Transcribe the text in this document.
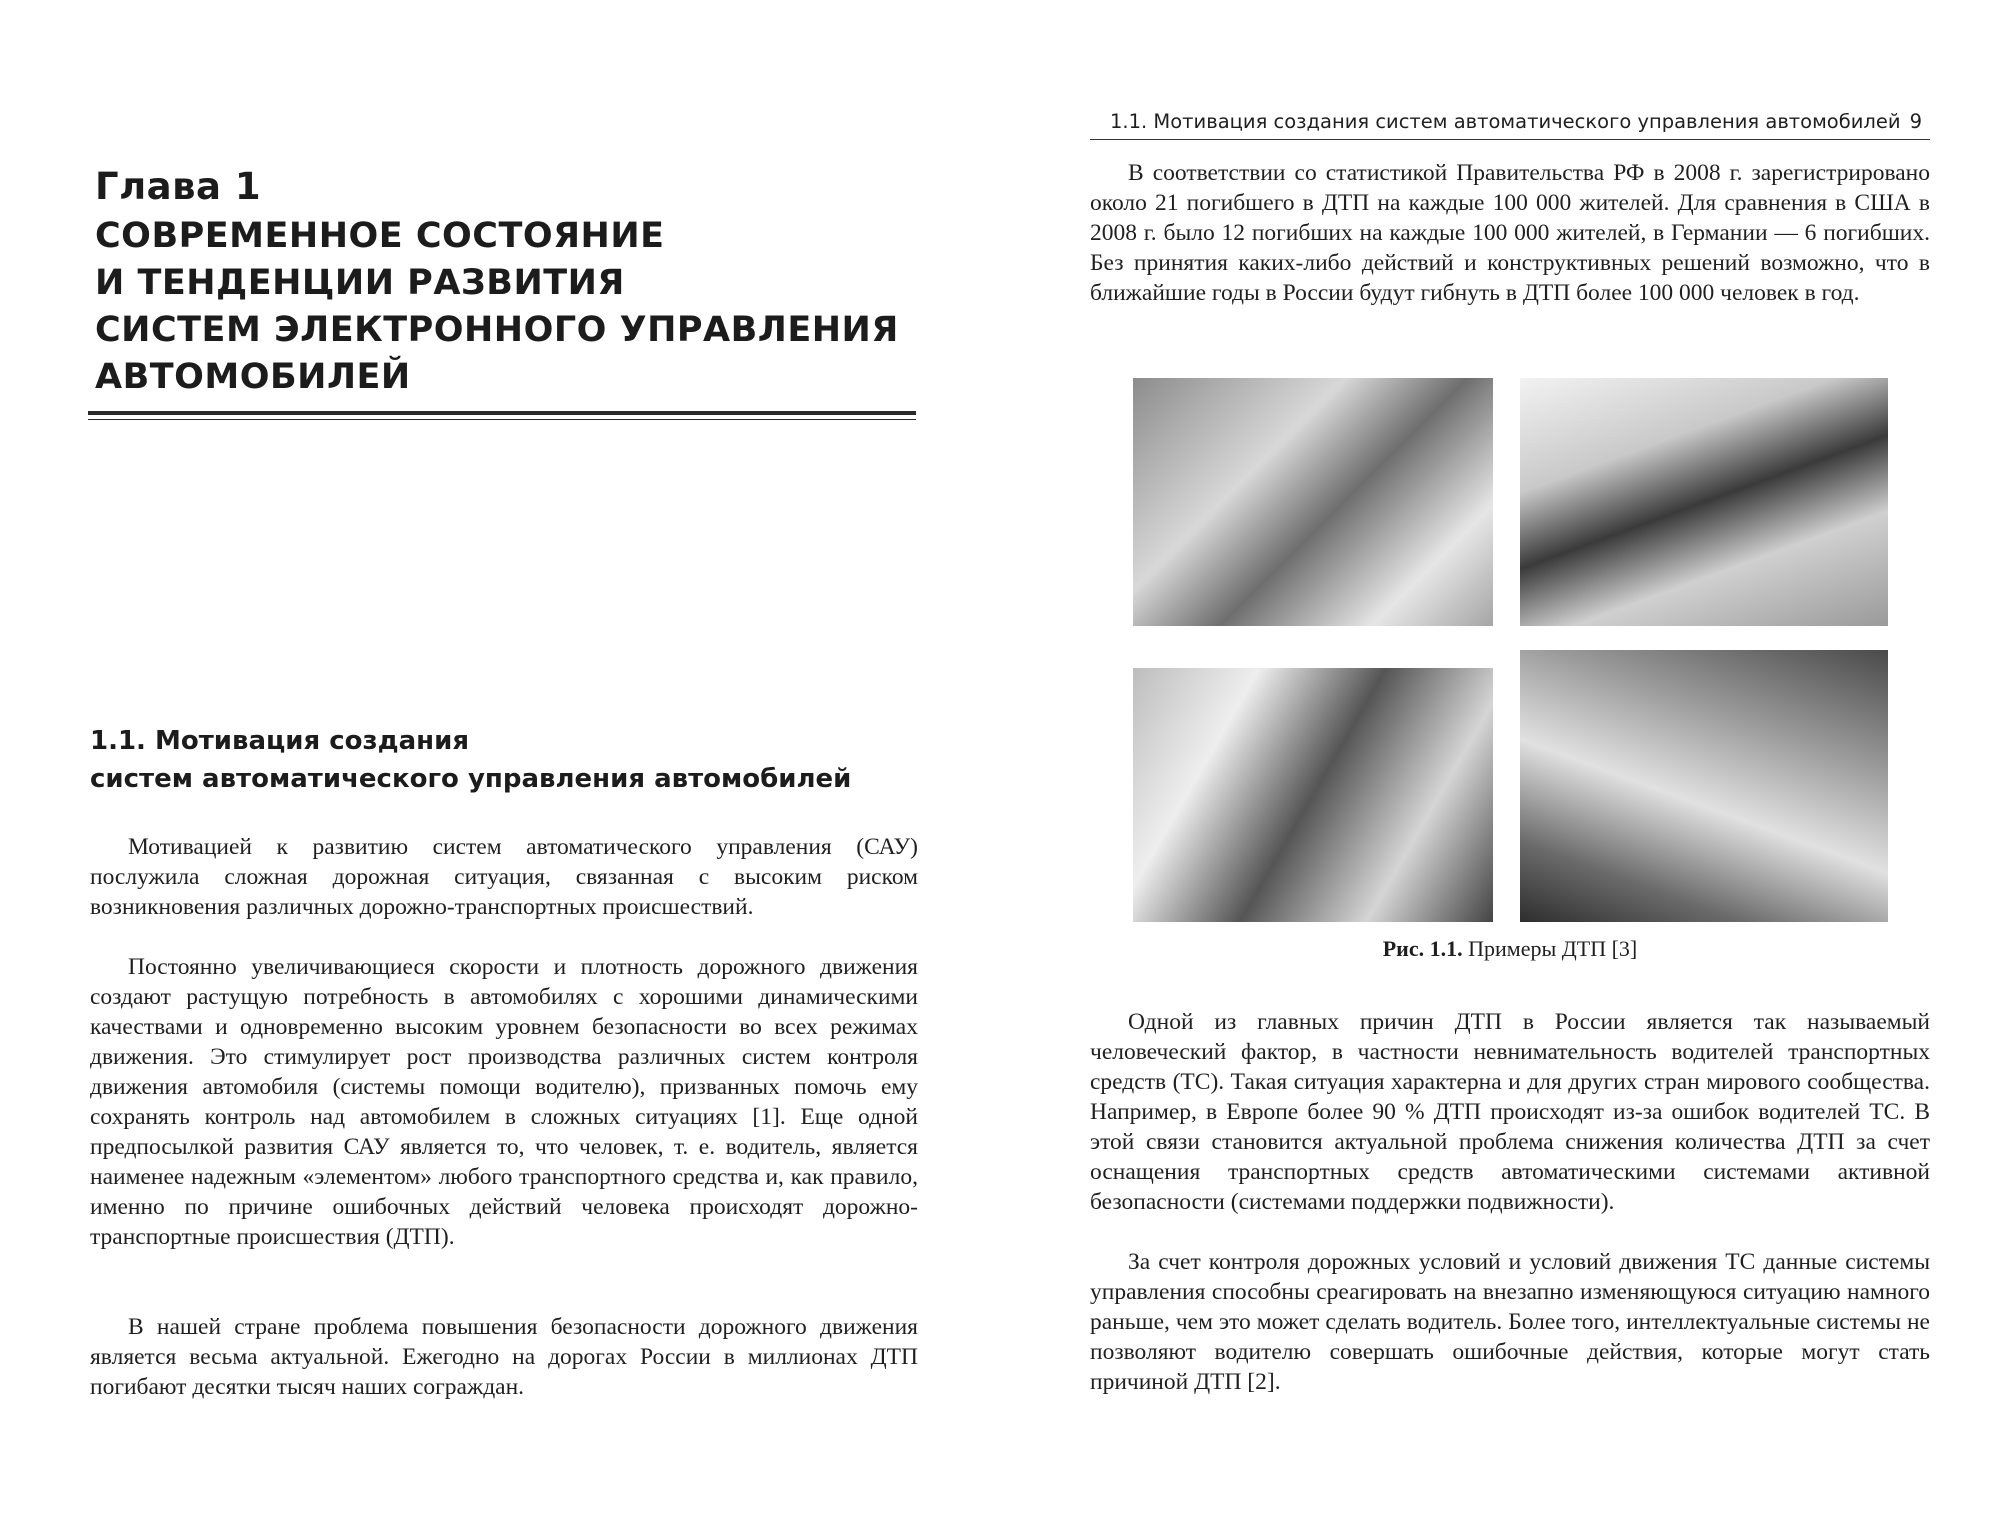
Глава 1
СОВРЕМЕННОЕ СОСТОЯНИЕ
И ТЕНДЕНЦИИ РАЗВИТИЯ
СИСТЕМ ЭЛЕКТРОННОГО УПРАВЛЕНИЯ
АВТОМОБИЛЕЙ
1.1. Мотивация создания
систем автоматического управления автомобилей

Мотивацией к развитию систем автоматического управления (САУ) послужила сложная дорожная ситуация, связанная с высоким риском возникновения различных дорожно-транспортных происшествий.

Постоянно увеличивающиеся скорости и плотность дорожного движения создают растущую потребность в автомобилях с хорошими динамическими качествами и одновременно высоким уровнем безопасности во всех режимах движения. Это стимулирует рост производства различных систем контроля движения автомобиля (системы помощи водителю), призванных помочь ему сохранять контроль над автомобилем в сложных ситуациях [1]. Еще одной предпосылкой развития САУ является то, что человек, т. е. водитель, является наименее надежным «элементом» любого транспортного средства и, как правило, именно по причине ошибочных действий человека происходят дорожно-транспортные происшествия (ДТП).

В нашей стране проблема повышения безопасности дорожного движения является весьма актуальной. Ежегодно на дорогах России в миллионах ДТП погибают десятки тысяч наших сограждан.

1.1. Мотивация создания систем автоматического управления автомобилей 9

В соответствии со статистикой Правительства РФ в 2008 г. зарегистрировано около 21 погибшего в ДТП на каждые 100 000 жителей. Для сравнения в США в 2008 г. было 12 погибших на каждые 100 000 жителей, в Германии — 6 погибших. Без принятия каких-либо действий и конструктивных решений возможно, что в ближайшие годы в России будут гибнуть в ДТП более 100 000 человек в год.

Рис. 1.1. Примеры ДТП [3]

Одной из главных причин ДТП в России является так называемый человеческий фактор, в частности невнимательность водителей транспортных средств (ТС). Такая ситуация характерна и для других стран мирового сообщества. Например, в Европе более 90 % ДТП происходят из-за ошибок водителей ТС. В этой связи становится актуальной проблема снижения количества ДТП за счет оснащения транспортных средств автоматическими системами активной безопасности (системами поддержки подвижности).

За счет контроля дорожных условий и условий движения ТС данные системы управления способны среагировать на внезапно изменяющуюся ситуацию намного раньше, чем это может сделать водитель. Более того, интеллектуальные системы не позволяют водителю совершать ошибочные действия, которые могут стать причиной ДТП [2].
